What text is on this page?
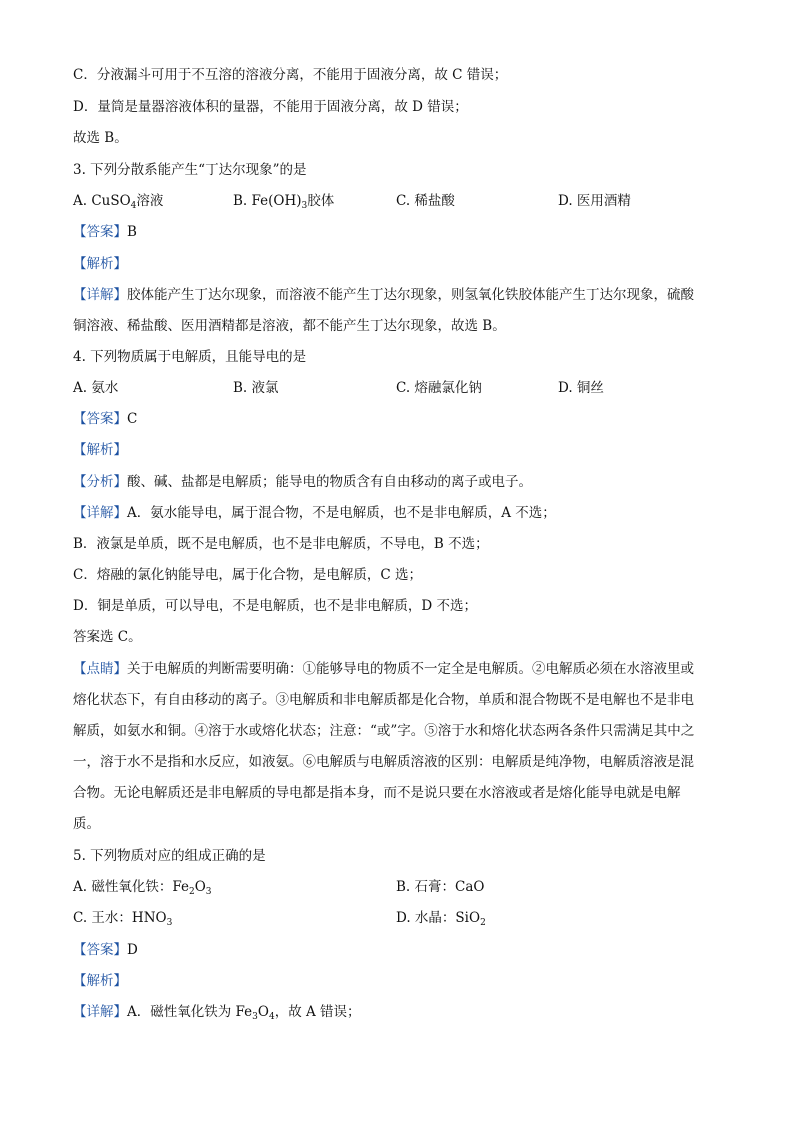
C．分液漏斗可用于不互溶的溶液分离，不能用于固液分离，故 C 错误；
D．量筒是量器溶液体积的量器，不能用于固液分离，故 D 错误；
故选 B。
3. 下列分散系能产生“丁达尔现象”的是
A. CuSO$_4$溶液	B. $Fe(OH)_3$胶体	C. 稀盐酸	D. 医用酒精
【答案】B
【解析】
【详解】胶体能产生丁达尔现象，而溶液不能产生丁达尔现象，则氢氧化铁胶体能产生丁达尔现象，硫酸
铜溶液、稀盐酸、医用酒精都是溶液，都不能产生丁达尔现象，故选 B。
4. 下列物质属于电解质，且能导电的是
A. 氨水	B. 液氯	C. 熔融氯化钠	D. 铜丝
【答案】C
【解析】
【分析】酸、碱、盐都是电解质；能导电的物质含有自由移动的离子或电子。
【详解】A．氨水能导电，属于混合物，不是电解质，也不是非电解质，A 不选；
B．液氯是单质，既不是电解质，也不是非电解质，不导电，B 不选；
C．熔融的氯化钠能导电，属于化合物，是电解质，C 选；
D．铜是单质，可以导电，不是电解质，也不是非电解质，D 不选；
答案选 C。
【点睛】关于电解质的判断需要明确：①能够导电的物质不一定全是电解质。②电解质必须在水溶液里或
熔化状态下，有自由移动的离子。③电解质和非电解质都是化合物，单质和混合物既不是电解也不是非电
解质，如氨水和铜。④溶于水或熔化状态；注意：“或”字。⑤溶于水和熔化状态两各条件只需满足其中之
一，溶于水不是指和水反应，如液氨。⑥电解质与电解质溶液的区别：电解质是纯净物，电解质溶液是混
合物。无论电解质还是非电解质的导电都是指本身，而不是说只要在水溶液或者是熔化能导电就是电解
质。
5. 下列物质对应的组成正确的是
A. 磁性氧化铁：$Fe_2O_3$	B. 石膏：CaO
C. 王水：$HNO_3$	D. 水晶：SiO$_2$
【答案】D
【解析】
【详解】A．磁性氧化铁为 $Fe_3O_4$，故 A 错误；
